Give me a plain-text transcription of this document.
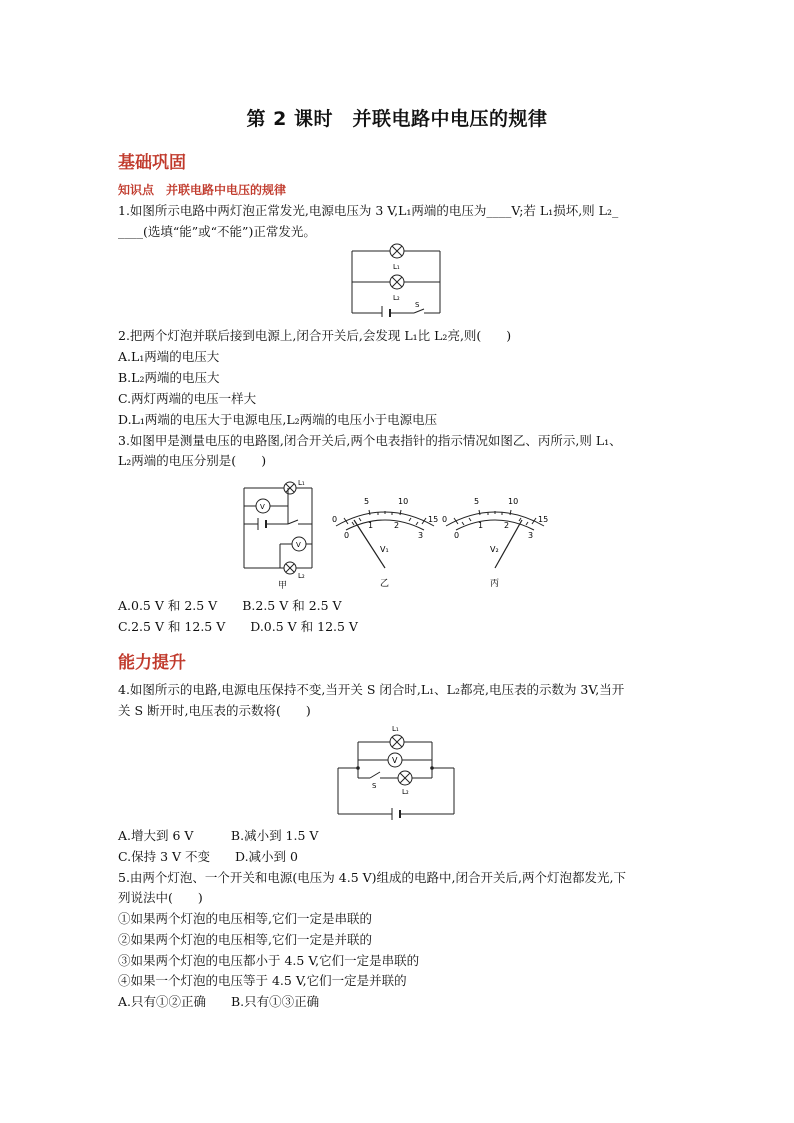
第 2 课时　并联电路中电压的规律
基础巩固
知识点　并联电路中电压的规律
1.如图所示电路中两灯泡正常发光,电源电压为 3 V,L₁两端的电压为____V;若 L₁损坏,则 L₂_
____(选填“能”或“不能”)正常发光。
L₁
L₂
S
2.把两个灯泡并联后接到电源上,闭合开关后,会发现 L₁比 L₂亮,则(　　)
A.L₁两端的电压大
B.L₂两端的电压大
C.两灯两端的电压一样大
D.L₁两端的电压大于电源电压,L₂两端的电压小于电源电压
3.如图甲是测量电压的电路图,闭合开关后,两个电表指针的指示情况如图乙、丙所示,则 L₁、
L₂两端的电压分别是(　　)
V
V
L₁
L₂
甲
0
5	10
15
0
1	2
3
V₁
乙
0
5	10
15
0
1	2
3
V₂
丙
A.0.5 V 和 2.5 V　　B.2.5 V 和 2.5 V
C.2.5 V 和 12.5 V　　D.0.5 V 和 12.5 V
能力提升
4.如图所示的电路,电源电压保持不变,当开关 S 闭合时,L₁、L₂都亮,电压表的示数为 3V,当开
关 S 断开时,电压表的示数将(　　)
L₁
V
S
L₂
A.增大到 6 V　　　B.减小到 1.5 V
C.保持 3 V 不变　　D.减小到 0
5.由两个灯泡、一个开关和电源(电压为 4.5 V)组成的电路中,闭合开关后,两个灯泡都发光,下
列说法中(　　)
①如果两个灯泡的电压相等,它们一定是串联的
②如果两个灯泡的电压相等,它们一定是并联的
③如果两个灯泡的电压都小于 4.5 V,它们一定是串联的
④如果一个灯泡的电压等于 4.5 V,它们一定是并联的
A.只有①②正确　　B.只有①③正确
